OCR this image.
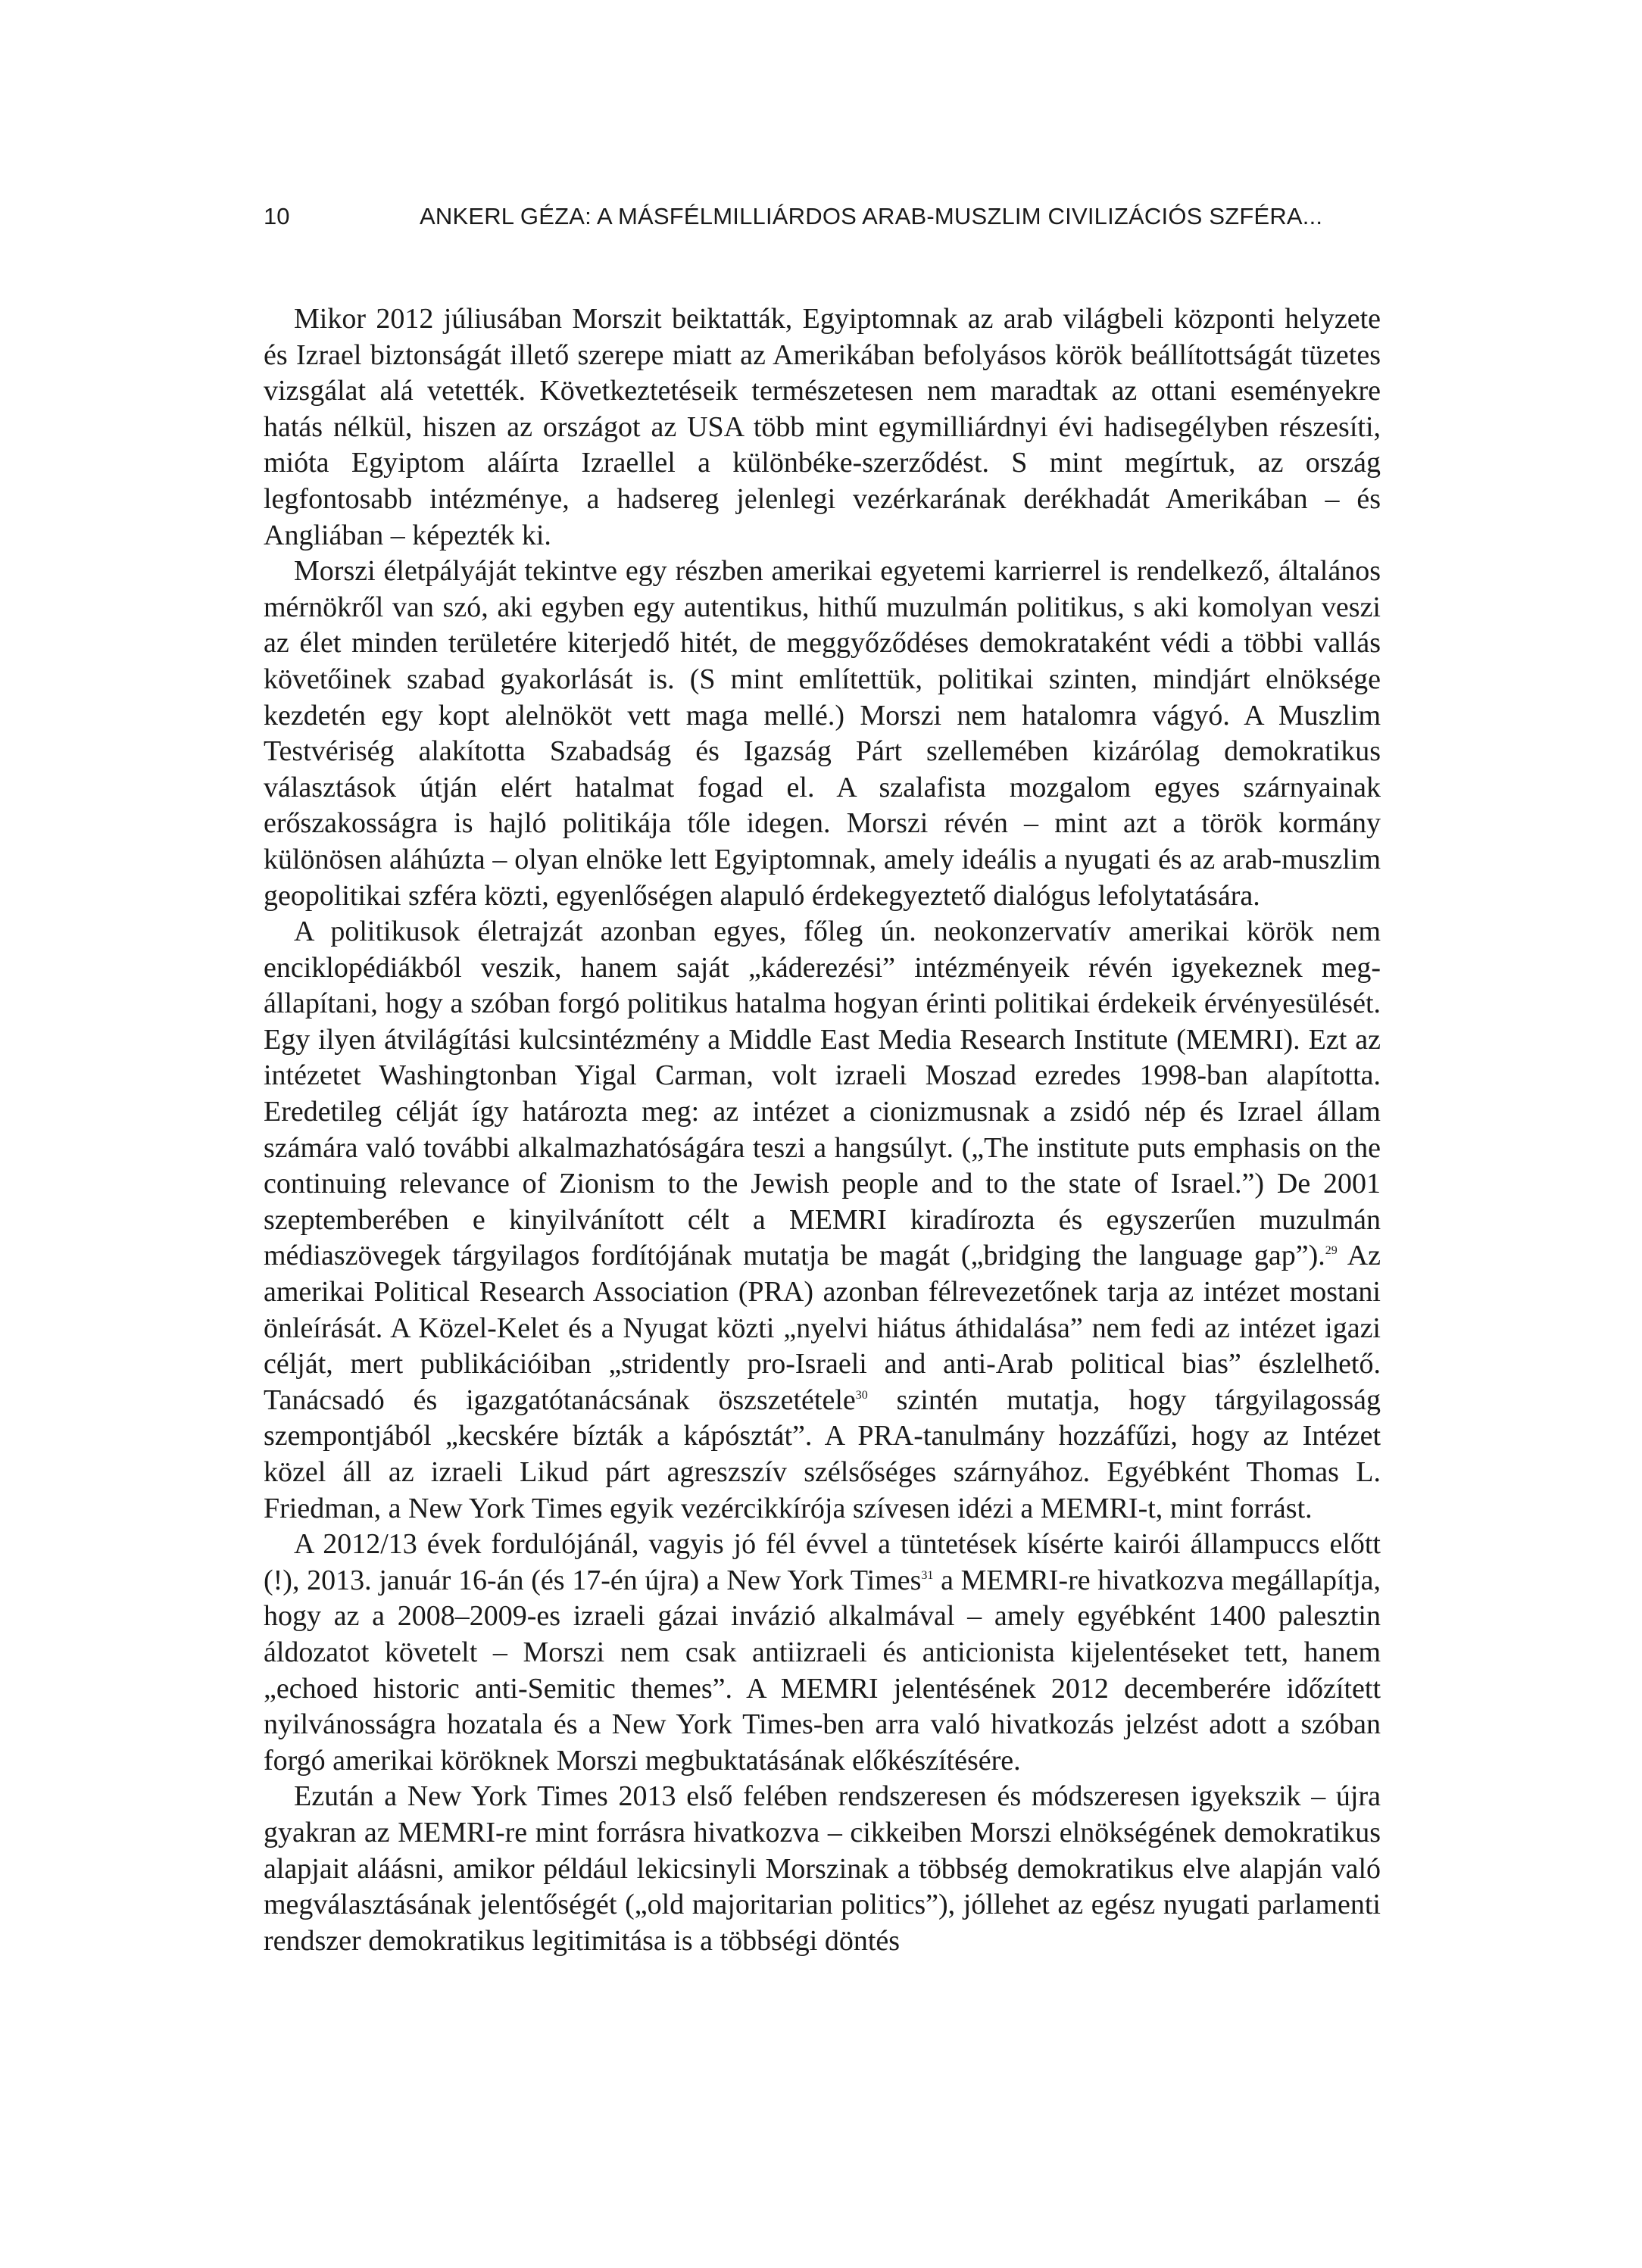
10	ANKERL GÉZA: A MÁSFÉLMILLIÁRDOS ARAB-MUSZLIM CIVILIZÁCIÓS SZFÉRA...

Mikor 2012 júliusában Morszit beiktatták, Egyiptomnak az arab világbeli központi helyzete és Izrael biztonságát illető szerepe miatt az Amerikában befolyásos körök beállítottságát tüzetes vizsgálat alá vetették. Következtetéseik természetesen nem maradtak az ottani eseményekre hatás nélkül, hiszen az országot az USA több mint egymilliárdnyi évi hadisegélyben részesíti, mióta Egyiptom aláírta Izraellel a különbéke-szerződést. S mint megírtuk, az ország legfontosabb intézménye, a hadsereg jelenlegi vezérkarának derékhadát Amerikában – és Angliában – képezték ki.

Morszi életpályáját tekintve egy részben amerikai egyetemi karrierrel is rendelkező, általános mérnökről van szó, aki egyben egy autentikus, hithű muzulmán politikus, s aki komolyan veszi az élet minden területére kiterjedő hitét, de meggyőződéses demokrataként védi a többi vallás követőinek szabad gyakorlását is. (S mint említettük, politikai szinten, mindjárt elnöksége kezdetén egy kopt alelnököt vett maga mellé.) Morszi nem hatalomra vágyó. A Muszlim Testvériség alakította Szabadság és Igazság Párt szellemében kizárólag demokratikus választások útján elért hatalmat fogad el. A szalafista mozgalom egyes szárnyainak erőszakosságra is hajló politikája tőle idegen. Morszi révén – mint azt a török kormány különösen aláhúzta – olyan elnöke lett Egyiptomnak, amely ideális a nyugati és az arab-muszlim geopolitikai szféra közti, egyenlőségen alapuló érdekegyeztető dialógus lefolytatására.

A politikusok életrajzát azonban egyes, főleg ún. neokonzervatív amerikai körök nem enciklopédiákból veszik, hanem saját „káderezési” intézményeik révén igyekeznek megállapítani, hogy a szóban forgó politikus hatalma hogyan érinti politikai érdekeik érvényesülését. Egy ilyen átvilágítási kulcsintézmény a Middle East Media Research Institute (MEMRI). Ezt az intézetet Washingtonban Yigal Carman, volt izraeli Moszad ezredes 1998-ban alapította. Eredetileg célját így határozta meg: az intézet a cionizmusnak a zsidó nép és Izrael állam számára való további alkalmazhatóságára teszi a hangsúlyt. („The institute puts emphasis on the continuing relevance of Zionism to the Jewish people and to the state of Israel.”) De 2001 szeptemberében e kinyilvánított célt a MEMRI kiradírozta és egyszerűen muzulmán médiaszövegek tárgyilagos fordítójának mutatja be magát („bridging the language gap”).$^{29}$ Az amerikai Political Research Association (PRA) azonban félrevezetőnek tarja az intézet mostani önleírását. A Közel-Kelet és a Nyugat közti „nyelvi hiátus áthidalása” nem fedi az intézet igazi célját, mert publikációiban „stridently pro-Israeli and anti-Arab political bias” észlelhető. Tanácsadó és igazgatótanácsának öszszetétele$^{30}$ szintén mutatja, hogy tárgyilagosság szempontjából „kecskére bízták a kápósztát”. A PRA-tanulmány hozzáfűzi, hogy az Intézet közel áll az izraeli Likud párt agreszszív szélsőséges szárnyához. Egyébként Thomas L. Friedman, a New York Times egyik vezércikkírója szívesen idézi a MEMRI-t, mint forrást.

A 2012/13 évek fordulójánál, vagyis jó fél évvel a tüntetések kísérte kairói állampuccs előtt (!), 2013. január 16-án (és 17-én újra) a New York Times$^{31}$ a MEMRI-re hivatkozva megállapítja, hogy az a 2008–2009-es izraeli gázai invázió alkalmával – amely egyébként 1400 palesztin áldozatot követelt – Morszi nem csak antiizraeli és anticionista kijelentéseket tett, hanem „echoed historic anti-Semitic themes”. A MEMRI jelentésének 2012 decemberére időzített nyilvánosságra hozatala és a New York Times-ben arra való hivatkozás jelzést adott a szóban forgó amerikai köröknek Morszi megbuktatásának előkészítésére.

Ezután a New York Times 2013 első felében rendszeresen és módszeresen igyekszik – újra gyakran az MEMRI-re mint forrásra hivatkozva – cikkeiben Morszi elnökségének demokratikus alapjait aláásni, amikor például lekicsinyli Morszinak a többség demokratikus elve alapján való megválasztásának jelentőségét („old majoritarian politics”), jóllehet az egész nyugati parlamenti rendszer demokratikus legitimitása is a többségi döntés
